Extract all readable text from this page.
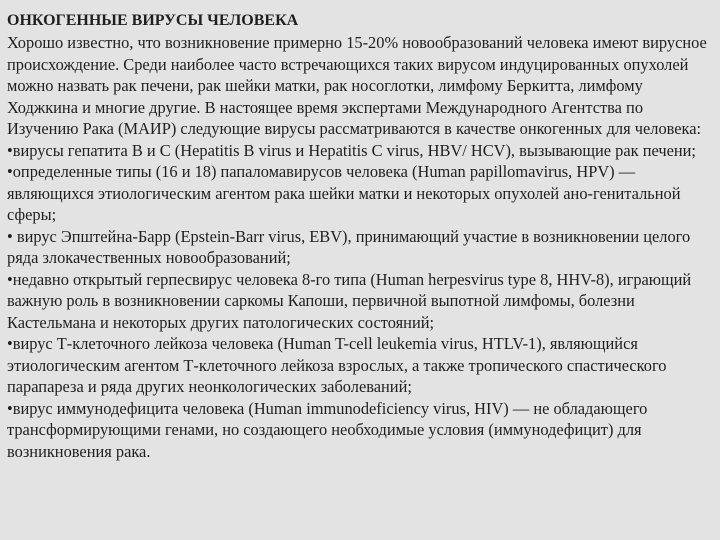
ОНКОГЕННЫЕ ВИРУСЫ ЧЕЛОВЕКА

Хорошо известно, что возникновение примерно 15-20% новообразований человека имеют вирусное происхождение. Среди наиболее часто встречающихся таких вирусом индуцированных опухолей можно назвать рак печени, рак шейки матки, рак носоглотки, лимфому Беркитта, лимфому Ходжкина и многие другие. В настоящее время экспертами Международного Агентства по Изучению Рака (МАИР) следующие вирусы рассматриваются в качестве онкогенных для человека:

•вирусы гепатита В и С (Hepatitis B virus и Hepatitis C virus, HBV/ HCV), вызывающие рак печени;

•определенные типы (16 и 18) папаломавирусов человека (Human papillomavirus, HPV) — являющихся этиологическим агентом рака шейки матки и некоторых опухолей ано-генитальной сферы;

• вирус Эпштейна-Барр (Epstein-Barr virus, EBV), принимающий участие в возникновении целого ряда злокачественных новообразований;

•недавно открытый герпесвирус человека 8-го типа (Human herpesvirus type 8, HHV-8), играющий важную роль в возникновении саркомы Капоши, первичной выпотной лимфомы, болезни Кастельмана и некоторых других патологических состояний;

•вирус Т-клеточного лейкоза человека (Human T-cell leukemia virus, HTLV-1), являющийся этиологическим агентом Т-клеточного лейкоза взрослых, а также тропического спастического парапареза и ряда других неонкологических заболеваний;

•вирус иммунодефицита человека (Human immunodeficiency virus, HIV) — не обладающего трансформирующими генами, но создающего необходимые условия (иммунодефицит) для возникновения рака.
